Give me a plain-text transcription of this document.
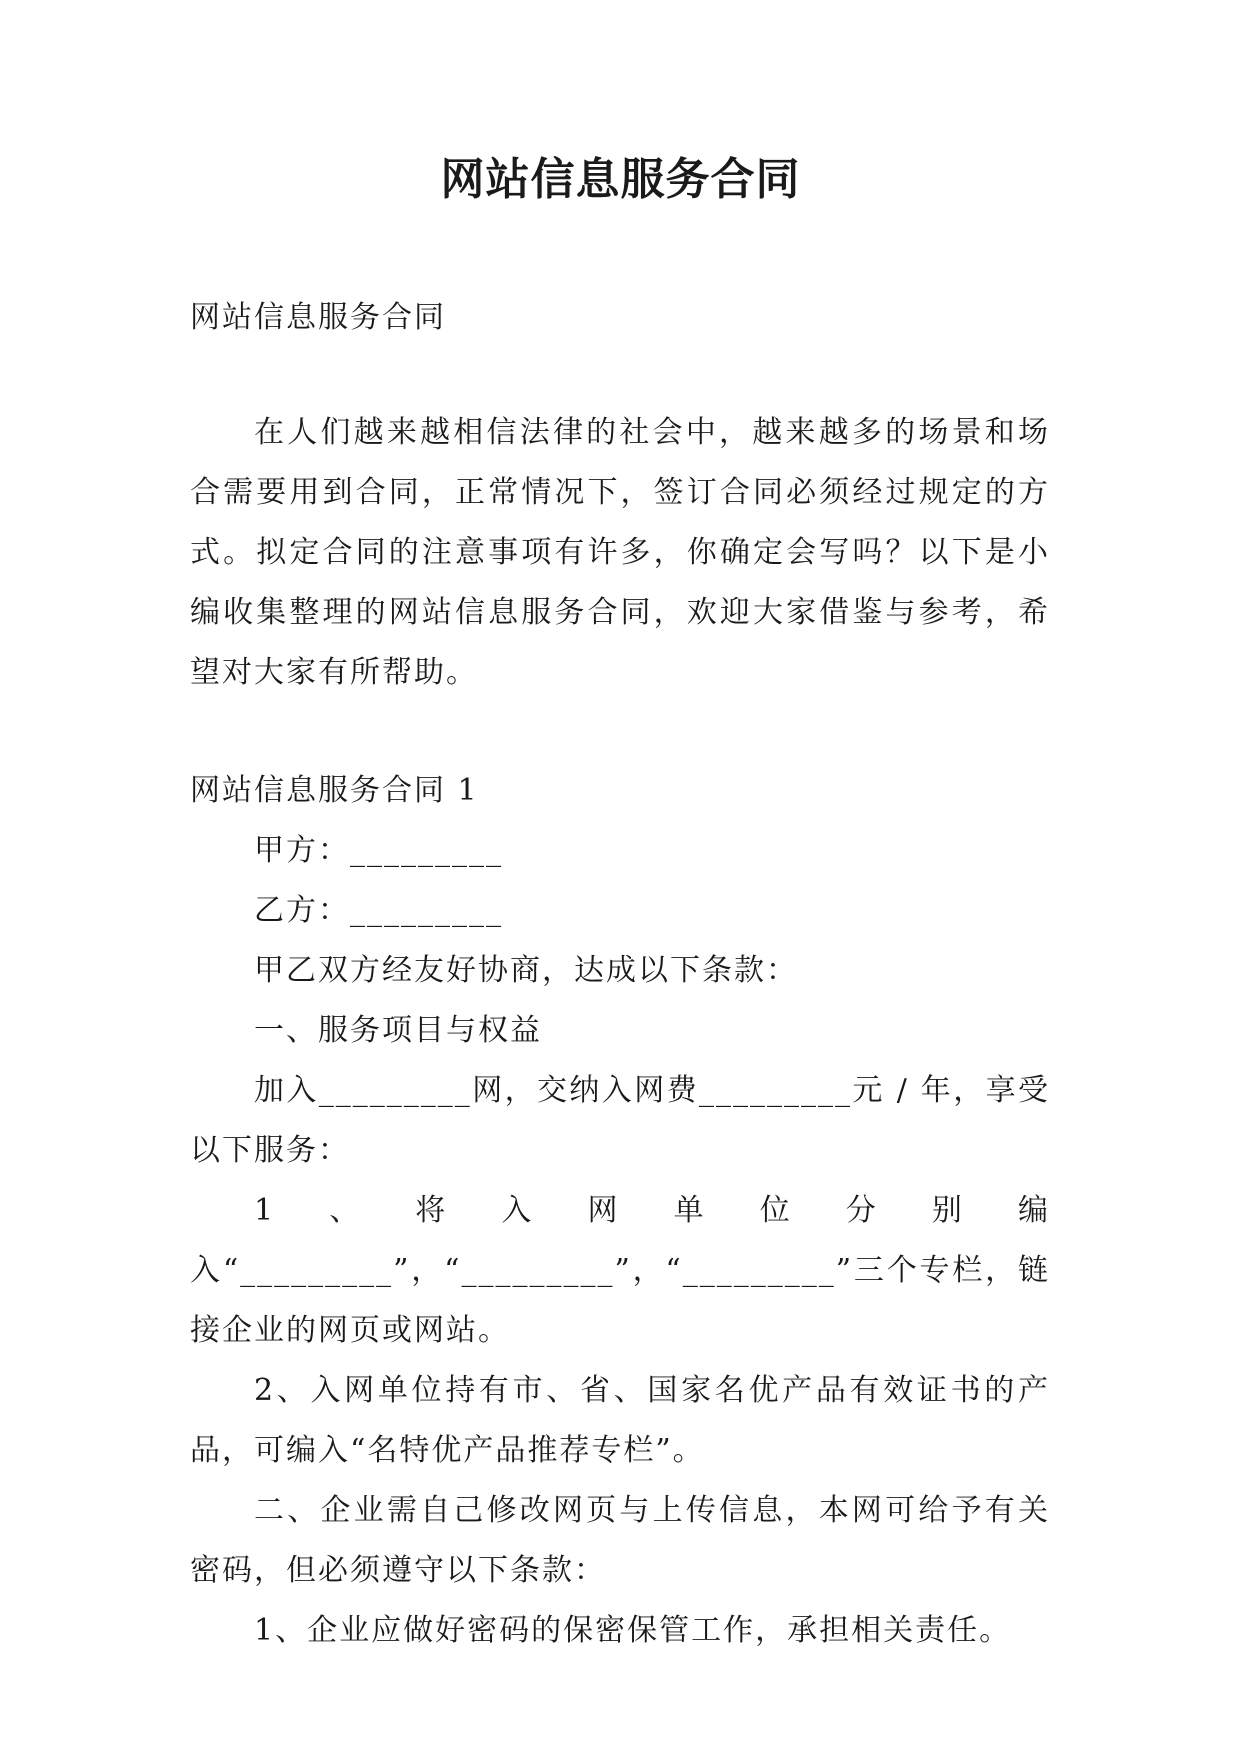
网站信息服务合同

网站信息服务合同

在人们越来越相信法律的社会中，越来越多的场景和场合需要用到合同，正常情况下，签订合同必须经过规定的方式。拟定合同的注意事项有许多，你确定会写吗？以下是小编收集整理的网站信息服务合同，欢迎大家借鉴与参考，希望对大家有所帮助。

网站信息服务合同 1

甲方：_________

乙方：_________

甲乙双方经友好协商，达成以下条款：

一、服务项目与权益

加入_________网，交纳入网费_________元 / 年，享受以下服务：

1、将入网单位分别编入“_________”，“_________”，“_________”三个专栏，链接企业的网页或网站。

2、入网单位持有市、省、国家名优产品有效证书的产品，可编入“名特优产品推荐专栏”。

二、企业需自己修改网页与上传信息，本网可给予有关密码，但必须遵守以下条款：

1、企业应做好密码的保密保管工作，承担相关责任。
